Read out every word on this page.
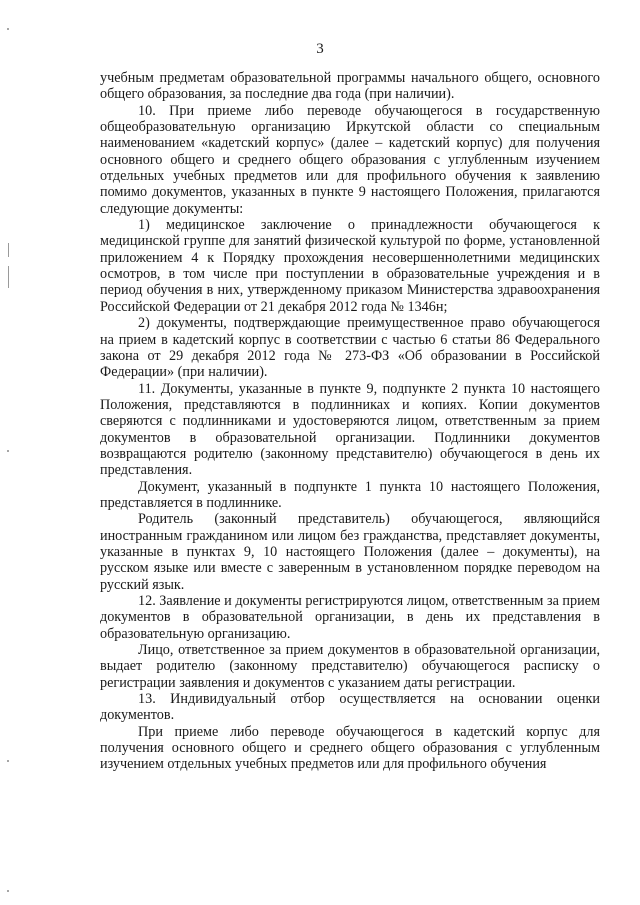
3

учебным предметам образовательной программы начального общего, основного общего образования, за последние два года (при наличии).

10. При приеме либо переводе обучающегося в государственную общеобразовательную организацию Иркутской области со специальным наименованием «кадетский корпус» (далее – кадетский корпус) для получения основного общего и среднего общего образования с углубленным изучением отдельных учебных предметов или для профильного обучения к заявлению помимо документов, указанных в пункте 9 настоящего Положения, прилагаются следующие документы:

1) медицинское заключение о принадлежности обучающегося к медицинской группе для занятий физической культурой по форме, установленной приложением 4 к Порядку прохождения несовершеннолетними медицинских осмотров, в том числе при поступлении в образовательные учреждения и в период обучения в них, утвержденному приказом Министерства здравоохранения Российской Федерации от 21 декабря 2012 года № 1346н;

2) документы, подтверждающие преимущественное право обучающегося на прием в кадетский корпус в соответствии с частью 6 статьи 86 Федерального закона от 29 декабря 2012 года № 273-ФЗ «Об образовании в Российской Федерации» (при наличии).

11. Документы, указанные в пункте 9, подпункте 2 пункта 10 настоящего Положения, представляются в подлинниках и копиях. Копии документов сверяются с подлинниками и удостоверяются лицом, ответственным за прием документов в образовательной организации. Подлинники документов возвращаются родителю (законному представителю) обучающегося в день их представления.

Документ, указанный в подпункте 1 пункта 10 настоящего Положения, представляется в подлиннике.

Родитель (законный представитель) обучающегося, являющийся иностранным гражданином или лицом без гражданства, представляет документы, указанные в пунктах 9, 10 настоящего Положения (далее – документы), на русском языке или вместе с заверенным в установленном порядке переводом на русский язык.

12. Заявление и документы регистрируются лицом, ответственным за прием документов в образовательной организации, в день их представления в образовательную организацию.

Лицо, ответственное за прием документов в образовательной организации, выдает родителю (законному представителю) обучающегося расписку о регистрации заявления и документов с указанием даты регистрации.

13. Индивидуальный отбор осуществляется на основании оценки документов.

При приеме либо переводе обучающегося в кадетский корпус для получения основного общего и среднего общего образования с углубленным изучением отдельных учебных предметов или для профильного обучения
